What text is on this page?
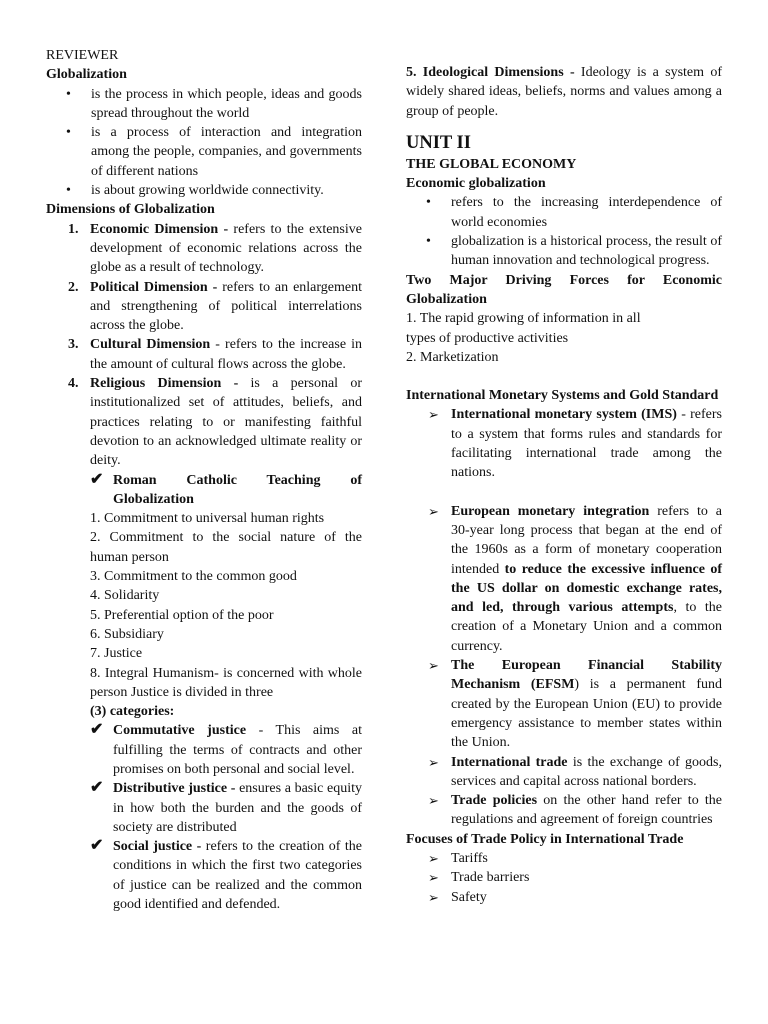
REVIEWER

Globalization

• is the process in which people, ideas and goods spread throughout the world
• is a process of interaction and integration among the people, companies, and governments of different nations
• is about growing worldwide connectivity.

Dimensions of Globalization

1. Economic Dimension - refers to the extensive development of economic relations across the globe as a result of technology.
2. Political Dimension - refers to an enlargement and strengthening of political interrelations across the globe.
3. Cultural Dimension - refers to the increase in the amount of cultural flows across the globe.
4. Religious Dimension - is a personal or institutionalized set of attitudes, beliefs, and practices relating to or manifesting faithful devotion to an acknowledged ultimate reality or deity.
✔ Roman Catholic Teaching of Globalization

1. Commitment to universal human rights

2. Commitment to the social nature of the human person

3. Commitment to the common good

4. Solidarity

5. Preferential option of the poor

6. Subsidiary

7. Justice

8. Integral Humanism- is concerned with whole person Justice is divided in three

(3) categories:

✔ Commutative justice - This aims at fulfilling the terms of contracts and other promises on both personal and social level.
✔ Distributive justice - ensures a basic equity in how both the burden and the goods of society are distributed
✔ Social justice - refers to the creation of the conditions in which the first two categories of justice can be realized and the common good identified and defended.

5. Ideological Dimensions - Ideology is a system of widely shared ideas, beliefs, norms and values among a group of people.

UNIT II

THE GLOBAL ECONOMY

Economic globalization

• refers to the increasing interdependence of world economies
• globalization is a historical process, the result of human innovation and technological progress.

Two Major Driving Forces for Economic Globalization

1. The rapid growing of information in all

types of productive activities

2. Marketization

International Monetary Systems and Gold Standard

➢ International monetary system (IMS) - refers to a system that forms rules and standards for facilitating international trade among the nations.
➢ European monetary integration refers to a 30-year long process that began at the end of the 1960s as a form of monetary cooperation intended to reduce the excessive influence of the US dollar on domestic exchange rates, and led, through various attempts, to the creation of a Monetary Union and a common currency.
➢ The European Financial Stability Mechanism (EFSM) is a permanent fund created by the European Union (EU) to provide emergency assistance to member states within the Union.
➢ International trade is the exchange of goods, services and capital across national borders.
➢ Trade policies on the other hand refer to the regulations and agreement of foreign countries

Focuses of Trade Policy in International Trade

➢ Tariffs
➢ Trade barriers
➢ Safety
